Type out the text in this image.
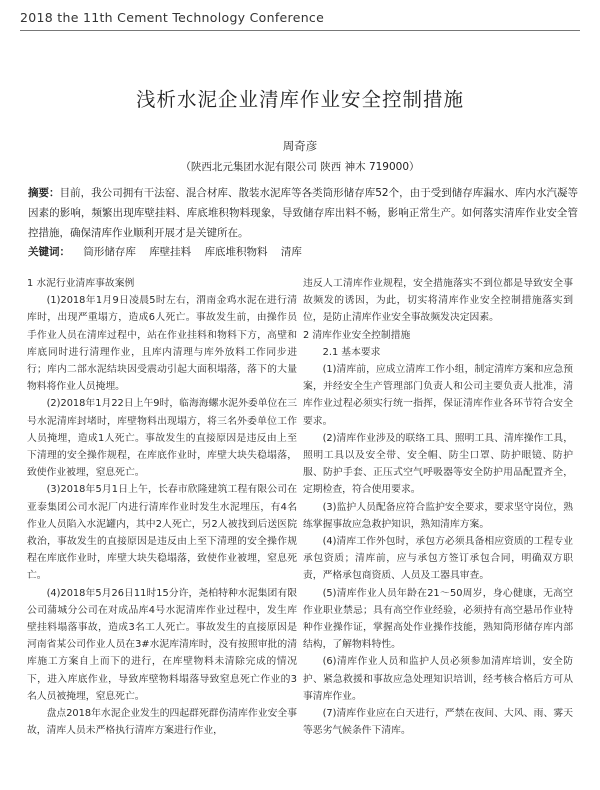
2018 the 11th Cement Technology Conference
浅析水泥企业清库作业安全控制措施
周奇彦
（陕西北元集团水泥有限公司 陕西 神木 719000）

摘要：目前，我公司拥有干法窑、混合材库、散装水泥库等各类筒形储存库52个，由于受到储存库漏水、库内水汽凝等因素的影响，频繁出现库壁挂料、库底堆积物料现象，导致储存库出料不畅，影响正常生产。如何落实清库作业安全管控措施，确保清库作业顺利开展才是关键所在。

关键词： 筒形储存库 库壁挂料 库底堆积物料 清库

1 水泥行业清库事故案例

(1)2018年1月9日凌晨5时左右，渭南金鸡水泥在进行清库时，出现严重塌方，造成6人死亡。事故发生前，由操作员手作业人员在清库过程中，站在作业挂料和物料下方，高壁和库底同时进行清理作业，且库内清理与库外放料工作同步进行；库内二部水泥结块因受震动引起大面积塌落，落下的大量物料将作业人员掩埋。

(2)2018年1月22日上午9时，临海海螺水泥外委单位在三号水泥清库封堵时，库壁物料出现塌方，将三名外委单位工作人员掩埋，造成1人死亡。事故发生的直接原因是违反由上至下清理的安全操作规程，在库底作业时，库壁大块失稳塌落，致使作业被埋，窒息死亡。

(3)2018年5月1日上午，长春市欣隆建筑工程有限公司在亚泰集团公司水泥厂内进行清库作业时发生水泥埋压，有4名作业人员陷入水泥罐内，其中2人死亡，另2人被找到后送医院救治，事故发生的直接原因是违反由上至下清理的安全操作规程在库底作业时，库壁大块失稳塌落，致使作业被埋，窒息死亡。

(4)2018年5月26日11时15分许，尧柏特种水泥集团有限公司蒲城分公司在对成品库4号水泥清库作业过程中，发生库壁挂料塌落事故，造成3名工人死亡。事故发生的直接原因是河南省某公司作业人员在3#水泥库清库时，没有按照审批的清库施工方案自上而下的进行，在库壁物料未清除完成的情况下，进入库底作业，导致库壁物料塌落导致窒息死亡作业的3名人员被掩埋，窒息死亡。

盘点2018年水泥企业发生的四起群死群伤清库作业安全事故，清库人员未严格执行清库方案进行作业，

违反人工清库作业规程，安全措施落实不到位都是导致安全事故频发的诱因，为此，切实将清库作业安全控制措施落实到位，是防止清库作业安全事故频发决定因素。

2 清库作业安全控制措施

2.1 基本要求

(1)清库前，应成立清库工作小组，制定清库方案和应急预案，并经安全生产管理部门负责人和公司主要负责人批准，清库作业过程必须实行统一指挥，保证清库作业各环节符合安全要求。

(2)清库作业涉及的联络工具、照明工具、清库操作工具，照明工具以及安全带、安全帽、防尘口罩、防护眼镜、防护服、防护手套、正压式空气呼吸器等安全防护用品配置齐全，定期检查，符合使用要求。

(3)监护人员配备应符合监护安全要求，要求坚守岗位，熟练掌握事故应急救护知识，熟知清库方案。

(4)清库工作外包时，承包方必须具备相应资质的工程专业承包资质；清库前，应与承包方签订承包合同，明确双方职责，严格承包商资质、人员及工器具审查。

(5)清库作业人员年龄在21～50周岁，身心健康，无高空作业职业禁忌；具有高空作业经验，必须持有高空悬吊作业特种作业操作证，掌握高处作业操作技能，熟知筒形储存库内部结构，了解物料特性。

(6)清库作业人员和监护人员必须参加清库培训，安全防护、紧急救援和事故应急处理知识培训，经考核合格后方可从事清库作业。

(7)清库作业应在白天进行，严禁在夜间、大风、雨、雾天等恶劣气候条件下清库。
